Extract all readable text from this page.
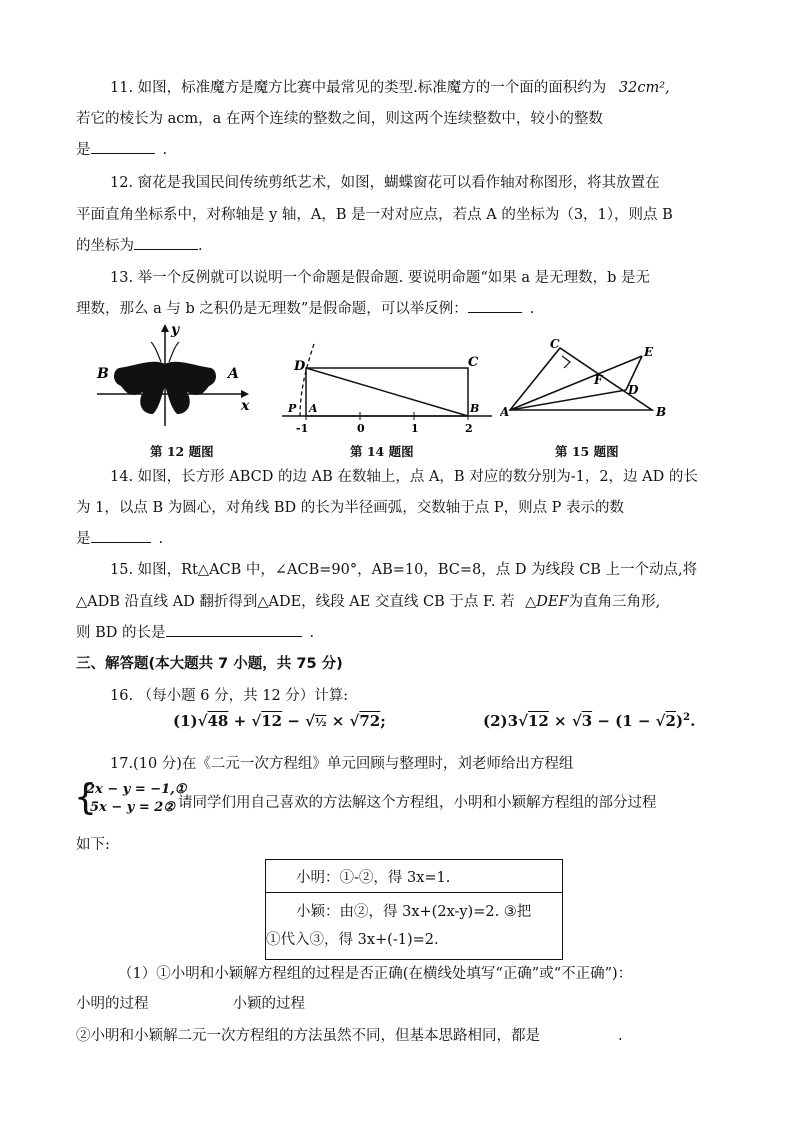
11. 如图，标准魔方是魔方比赛中最常见的类型.标准魔方的一个面的面积约为 32cm²,
若它的棱长为 acm，a 在两个连续的整数之间，则这两个连续整数中，较小的整数
是	.
12. 窗花是我国民间传统剪纸艺术，如图，蝴蝶窗花可以看作轴对称图形，将其放置在
平面直角坐标系中，对称轴是 y 轴，A，B 是一对对应点，若点 A 的坐标为（3，1），则点 B
的坐标为	.
13. 举一个反例就可以说明一个命题是假命题. 要说明命题“如果 a 是无理数，b 是无
理数，那么 a 与 b 之积仍是无理数”是假命题，可以举反例：	.
y
x
A
B
第 12 题图
D	C
P A	B
-1	0	1	2
第 14 题图
C
E
F
D
A	B
第 15 题图
14. 如图，长方形 ABCD 的边 AB 在数轴上，点 A，B 对应的数分别为-1，2，边 AD 的长
为 1，以点 B 为圆心，对角线 BD 的长为半径画弧，交数轴于点 P，则点 P 表示的数
是	.
15. 如图，Rt△ACB 中，∠ACB=90°，AB=10，BC=8，点 D 为线段 CB 上一个动点,将
△ADB 沿直线 AD 翻折得到△ADE，线段 AE 交直线 CB 于点 F. 若 △DEF为直角三角形,
则 BD 的长是	.
三、解答题(本大题共 7 小题，共 75 分)
16. （每小题 6 分，共 12 分）计算:
(1)√48 + √12 − √½ × √72;	$(2)3√12 \times √3 - (1 - √2)^2$.
17.(10 分)在《二元一次方程组》单元回顾与整理时，刘老师给出方程组
{
2x − y = −1,①
5x − y = 2② 请同学们用自己喜欢的方法解这个方程组，小明和小颖解方程组的部分过程
如下:
小明：①-②，得 3x=1.

小颖：由②，得 3x+(2x-y)=2. ③把
①代入③，得 3x+(-1)=2.
（1）①小明和小颖解方程组的过程是否正确(在横线处填写“正确”或“不正确”)：
小明的过程	小颖的过程
②小明和小颖解二元一次方程组的方法虽然不同，但基本思路相同，都是	.
